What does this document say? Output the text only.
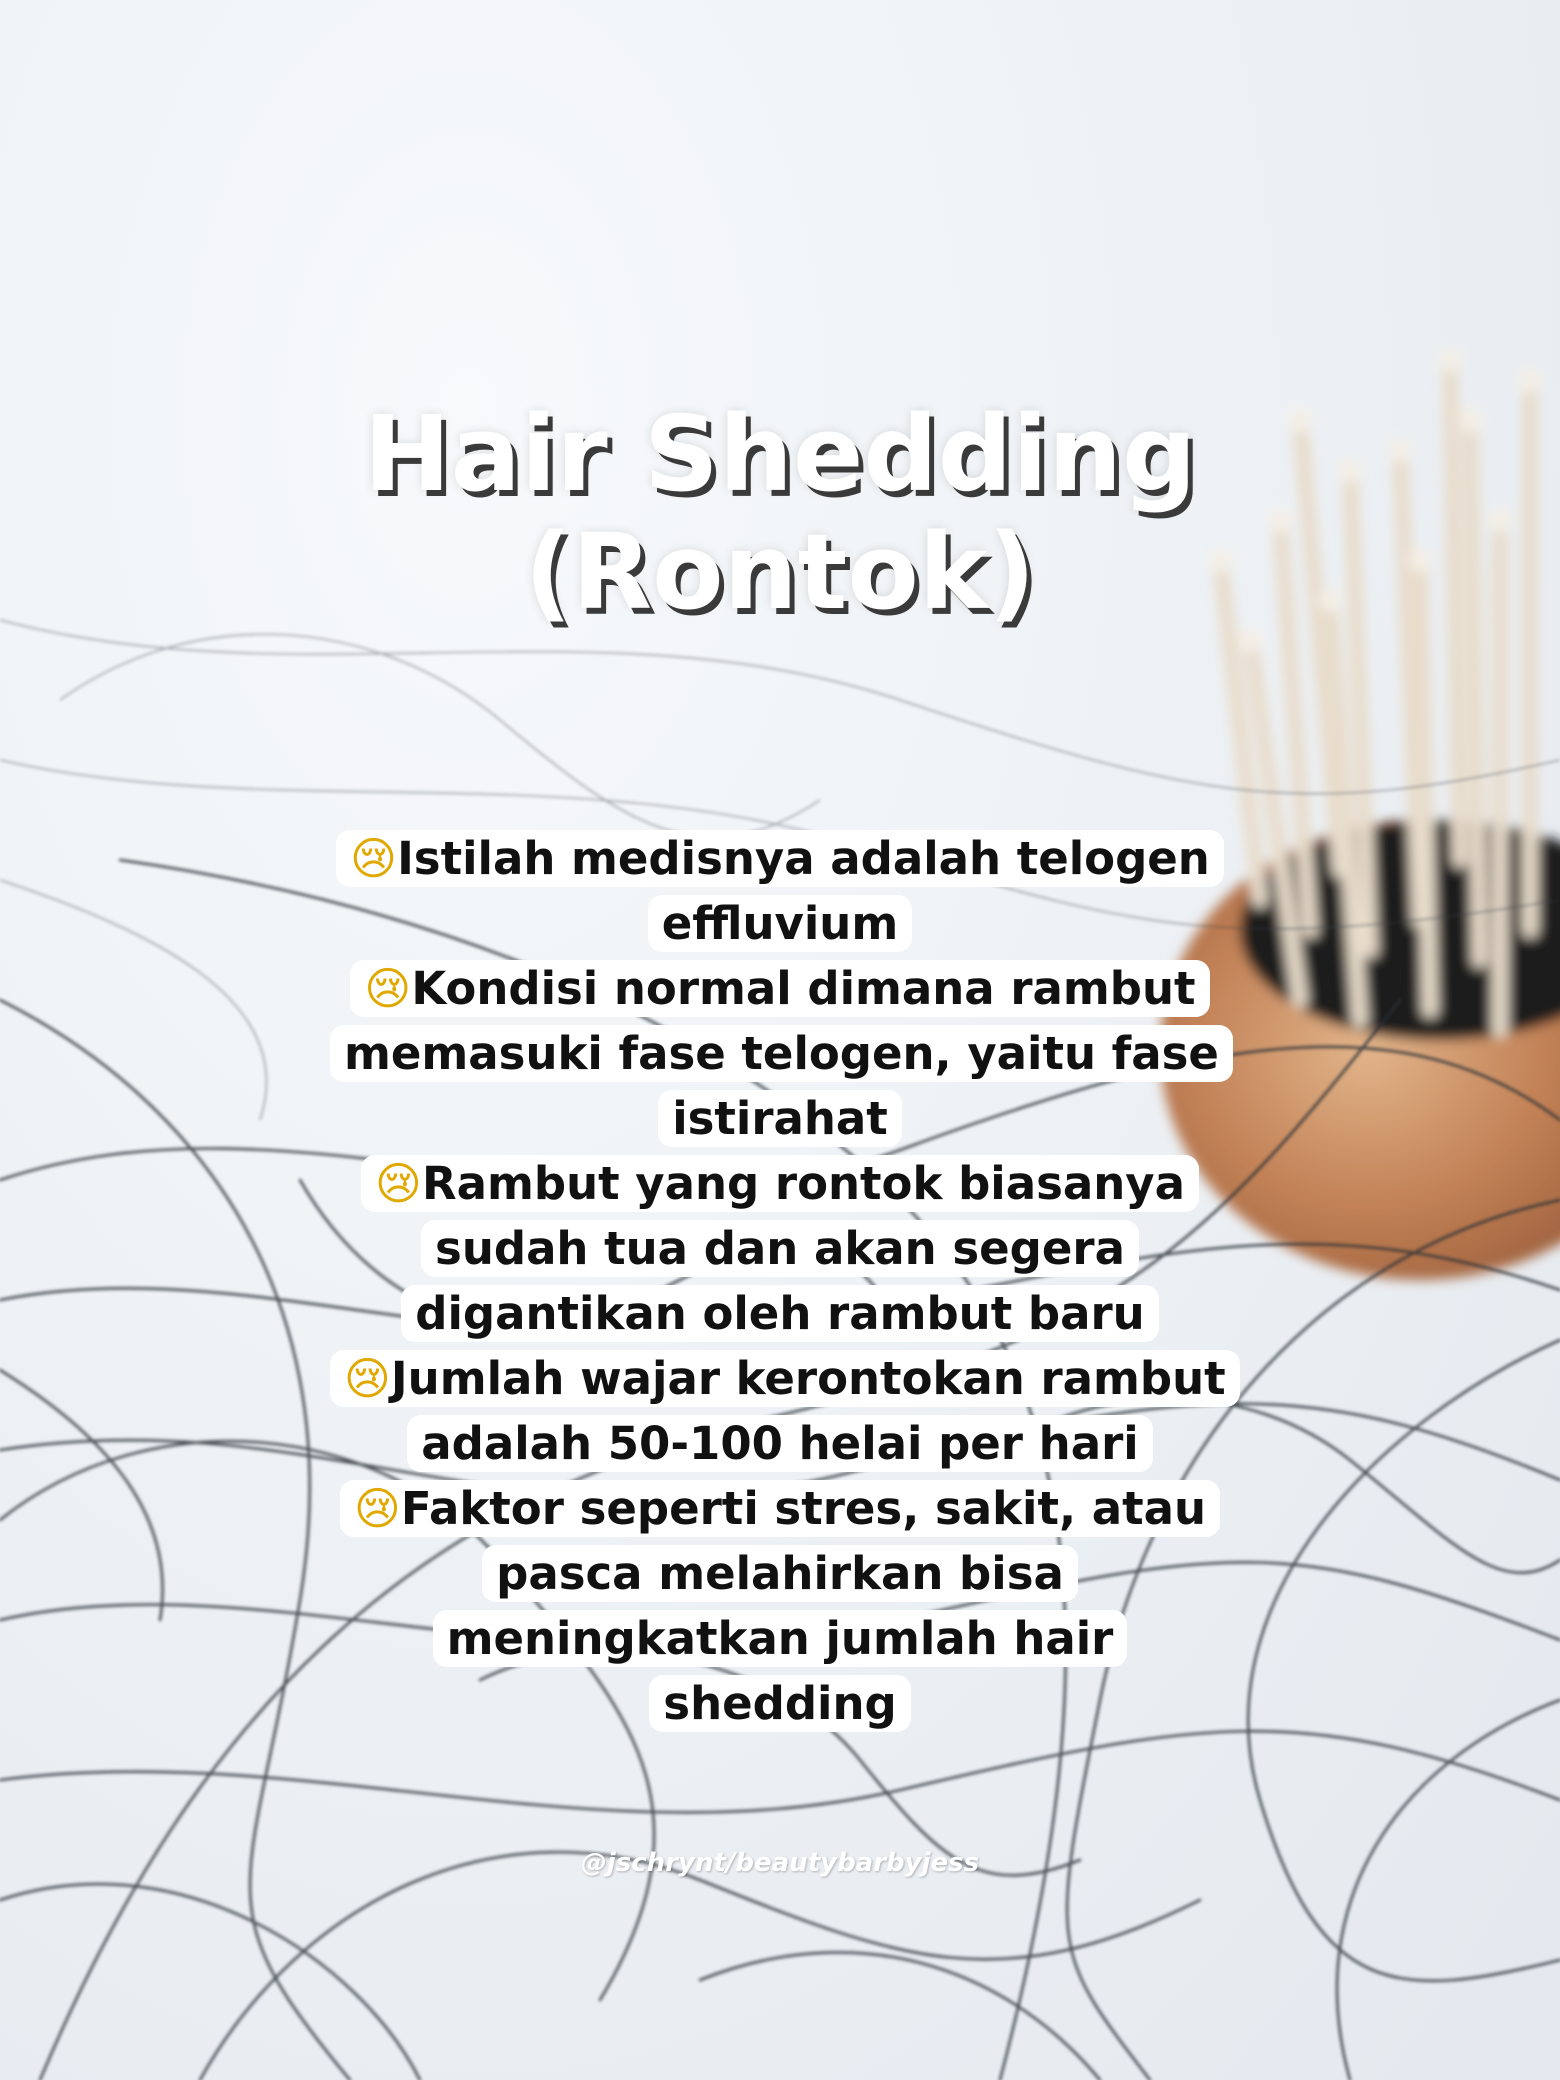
Hair Shedding
(Rontok)
😢Istilah medisnya adalah telogen effluvium
😢Kondisi normal dimana rambut memasuki fase telogen, yaitu fase istirahat
😢Rambut yang rontok biasanya sudah tua dan akan segera digantikan oleh rambut baru
😢Jumlah wajar kerontokan rambut adalah 50-100 helai per hari
😢Faktor seperti stres, sakit, atau pasca melahirkan bisa meningkatkan jumlah hair shedding
@jschrynt/beautybarbyjess
